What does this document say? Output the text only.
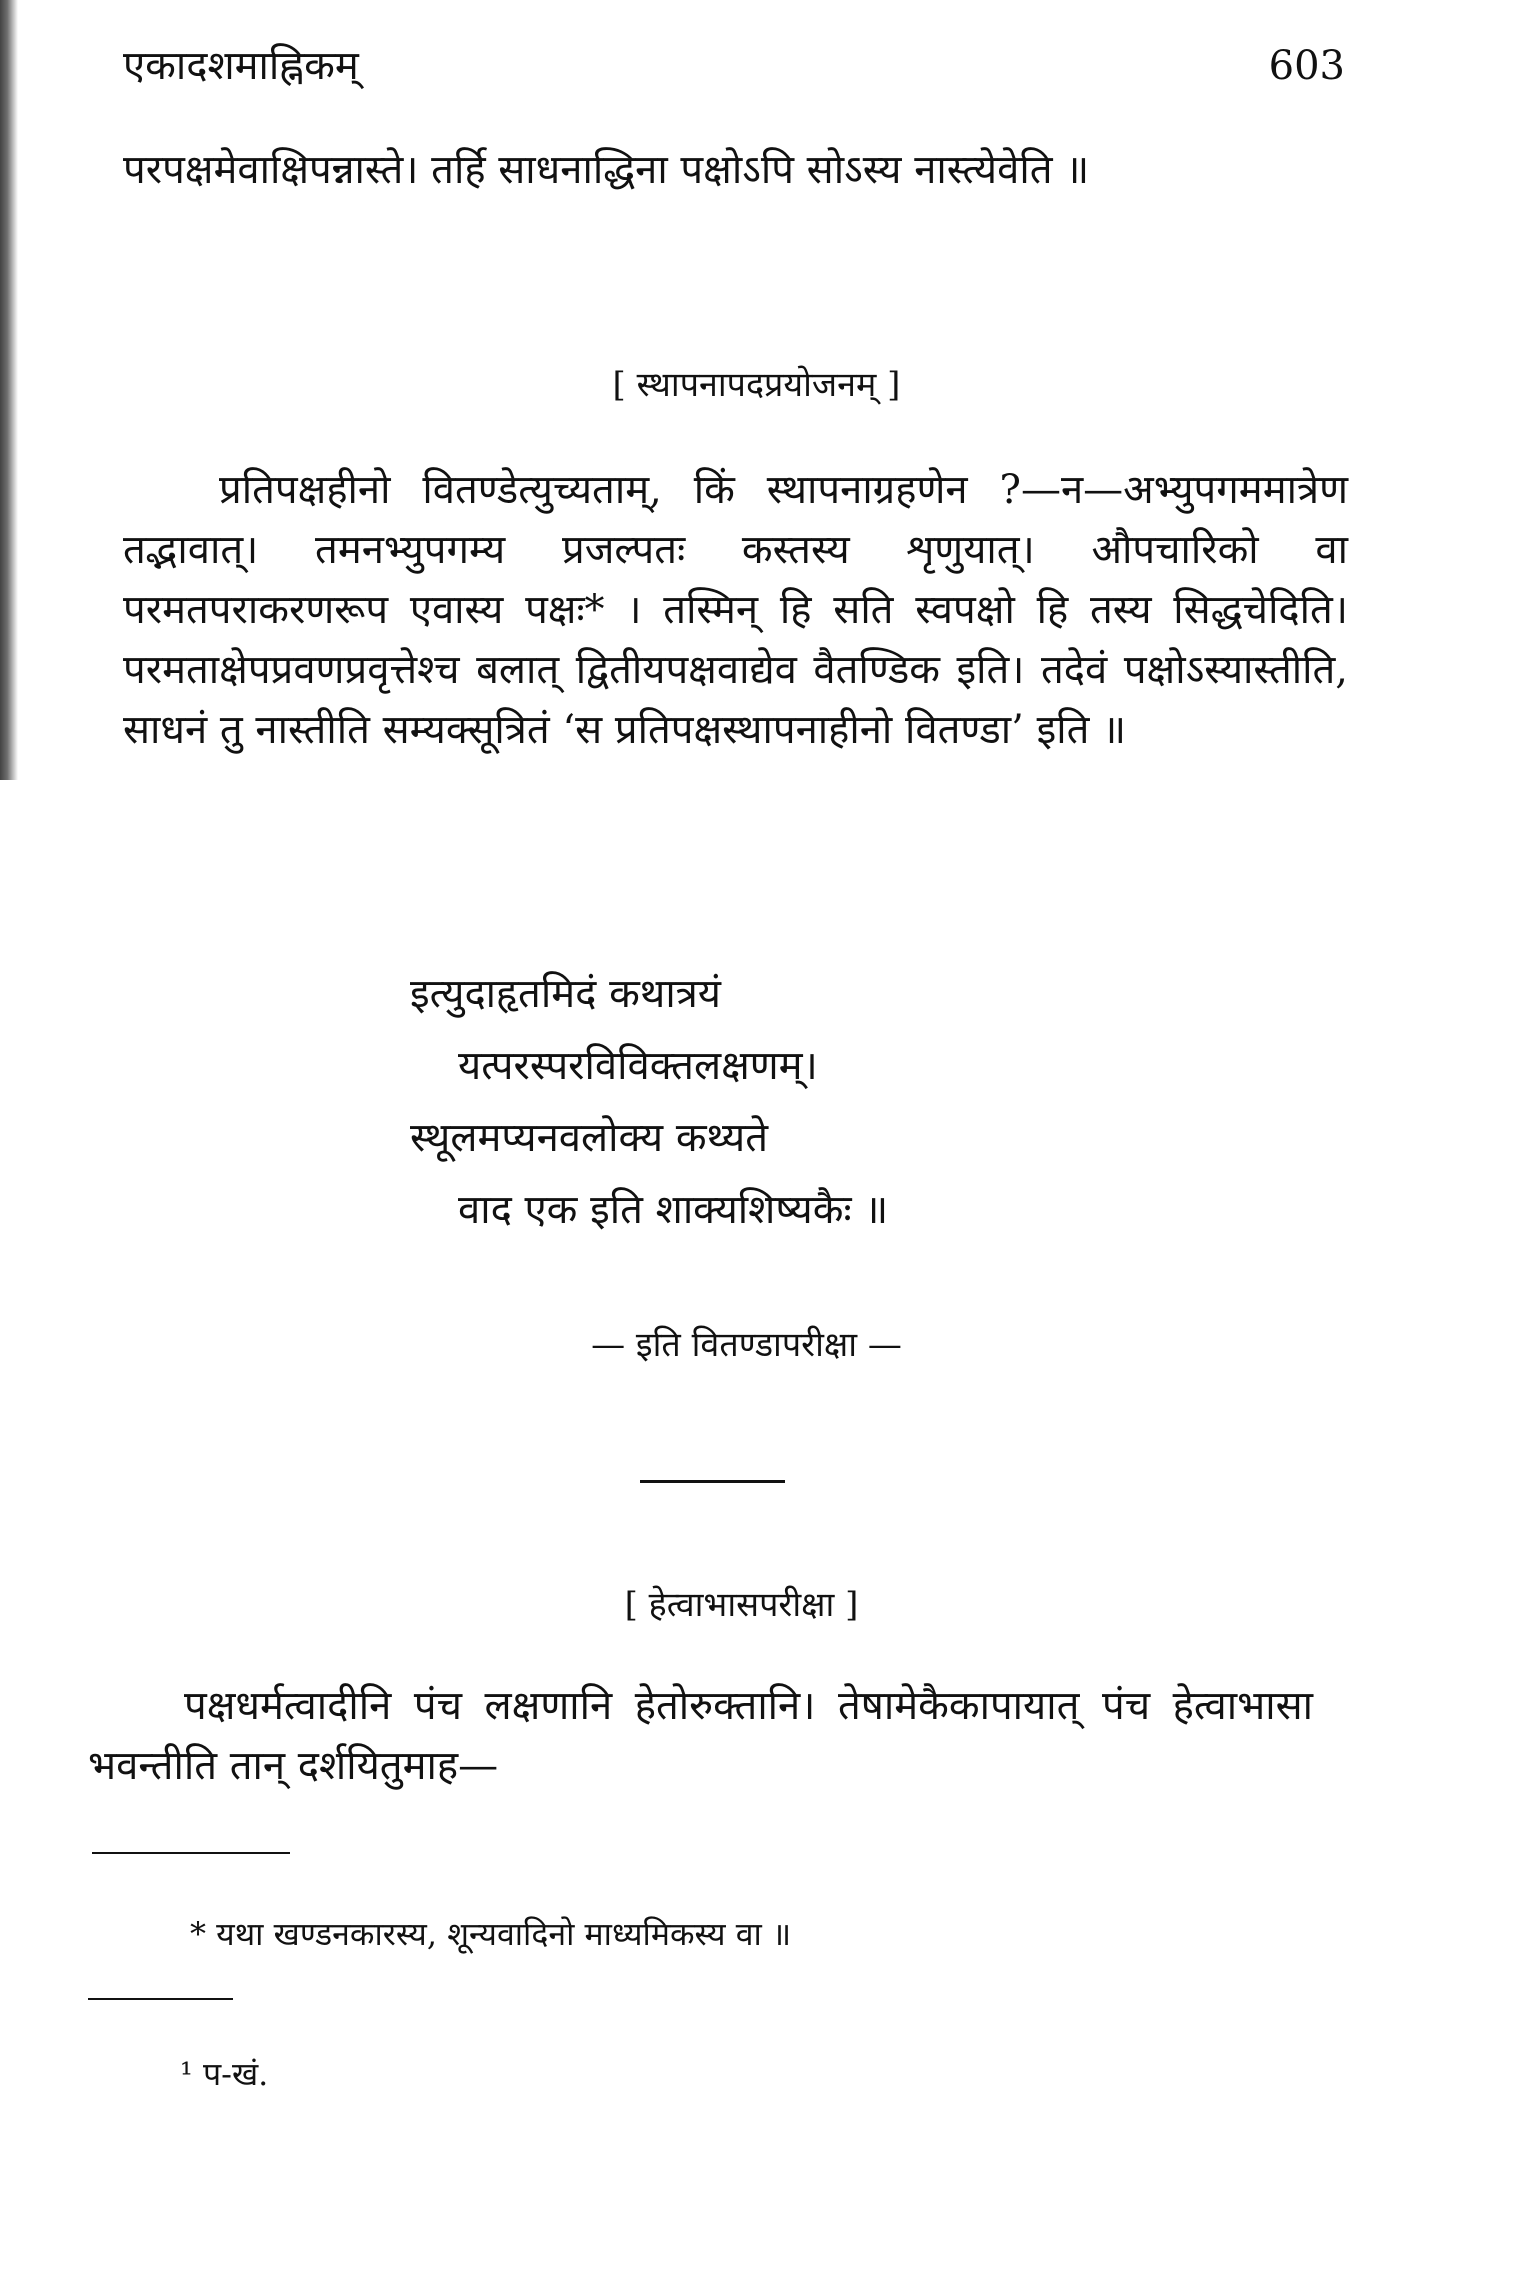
एकादशमाह्निकम्	603

परपक्षमेवाक्षिपन्नास्ते। तर्हि साधनाद्धिना पक्षोऽपि सोऽस्य नास्त्येवेति ॥

[ स्थापनापदप्रयोजनम् ]

प्रतिपक्षहीनो वितण्डेत्युच्यताम्, किं स्थापनाग्रहणेन ?—न—अभ्युपगममात्रेण तद्भावात्। तमनभ्युपगम्य प्रजल्पतः कस्तस्य शृणुयात्। औपचारिको वा परमतपराकरणरूप एवास्य पक्षः* । तस्मिन् हि सति स्वपक्षो हि तस्य सिद्धचेदिति। परमताक्षेपप्रवणप्रवृत्तेश्च बलात् द्वितीयपक्षवाद्येव वैतण्डिक इति। तदेवं पक्षोऽस्यास्तीति, साधनं तु नास्तीति सम्यक्सूत्रितं ‘स प्रतिपक्षस्थापनाहीनो वितण्डा’ इति ॥

इत्युदाहृतमिदं कथात्रयं
यत्परस्परविविक्तलक्षणम्।
स्थूलमप्यनवलोक्य कथ्यते
वाद एक इति शाक्यशिष्यकैः ॥
— इति वितण्डापरीक्षा —
[ हेत्वाभासपरीक्षा ]

पक्षधर्मत्वादीनि पंच लक्षणानि हेतोरुक्तानि। तेषामेकैकापायात् पंच हेत्वाभासा भवन्तीति तान् दर्शयितुमाह—

* यथा खण्डनकारस्य, शून्यवादिनो माध्यमिकस्य वा ॥

¹ प-खं.
